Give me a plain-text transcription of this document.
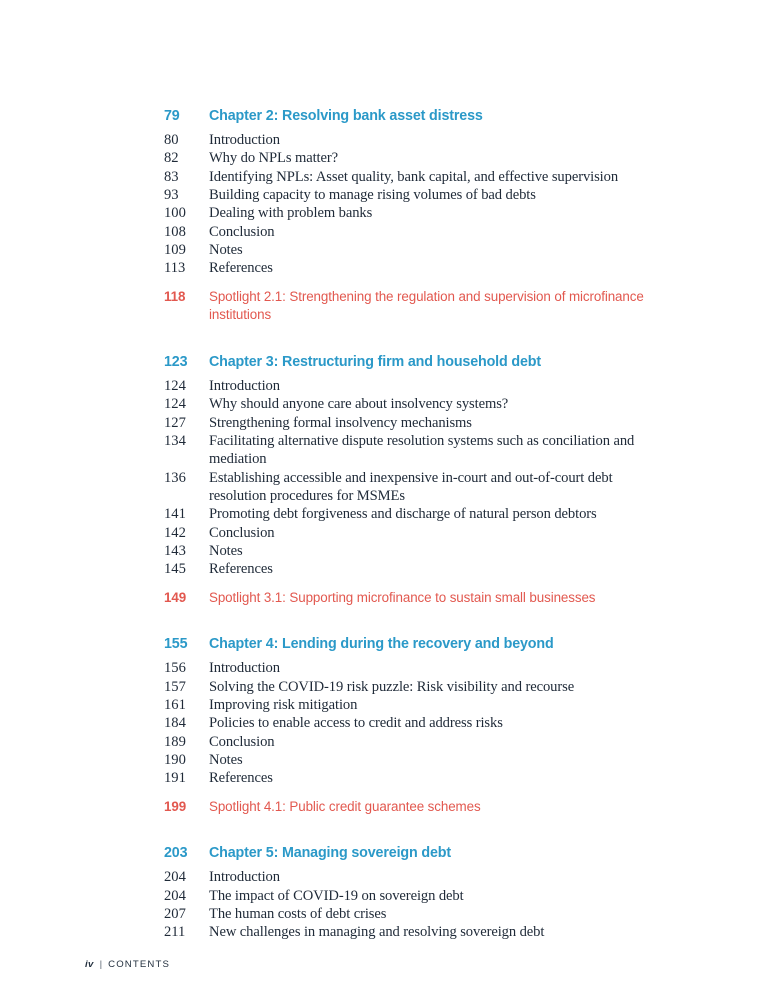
79	Chapter 2: Resolving bank asset distress
80	Introduction
82	Why do NPLs matter?
83	Identifying NPLs: Asset quality, bank capital, and effective supervision
93	Building capacity to manage rising volumes of bad debts
100	Dealing with problem banks
108	Conclusion
109	Notes
113	References
118	Spotlight 2.1: Strengthening the regulation and supervision of microfinance institutions
123	Chapter 3: Restructuring firm and household debt
124	Introduction
124	Why should anyone care about insolvency systems?
127	Strengthening formal insolvency mechanisms
134	Facilitating alternative dispute resolution systems such as conciliation and mediation
136	Establishing accessible and inexpensive in-court and out-of-court debt resolution procedures for MSMEs
141	Promoting debt forgiveness and discharge of natural person debtors
142	Conclusion
143	Notes
145	References
149	Spotlight 3.1: Supporting microfinance to sustain small businesses
155	Chapter 4: Lending during the recovery and beyond
156	Introduction
157	Solving the COVID-19 risk puzzle: Risk visibility and recourse
161	Improving risk mitigation
184	Policies to enable access to credit and address risks
189	Conclusion
190	Notes
191	References
199	Spotlight 4.1: Public credit guarantee schemes
203	Chapter 5: Managing sovereign debt
204	Introduction
204	The impact of COVID-19 on sovereign debt
207	The human costs of debt crises
211	New challenges in managing and resolving sovereign debt
iv | CONTENTS
